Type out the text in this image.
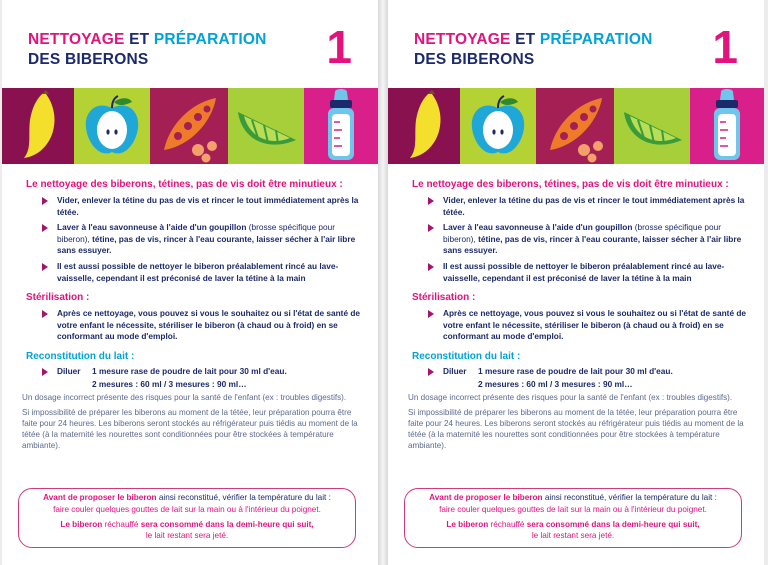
NETTOYAGE ET PRÉPARATION
DES BIBERONS	1
Le nettoyage des biberons, tétines, pas de vis doit être minutieux :
Vider, enlever la tétine du pas de vis et rincer le tout immédiatement après la tétée.
Laver à l'eau savonneuse à l'aide d'un goupillon (brosse spécifique pour biberon), tétine, pas de vis, rincer à l'eau courante, laisser sécher à l'air libre sans essuyer.
Il est aussi possible de nettoyer le biberon préalablement rincé au lave-vaisselle, cependant il est préconisé de laver la tétine à la main
Stérilisation :
Après ce nettoyage, vous pouvez si vous le souhaitez ou si l'état de santé de votre enfant le nécessite, stériliser le biberon (à chaud ou à froid) en se conformant au mode d'emploi.
Reconstitution du lait :
Diluer     1 mesure rase de poudre de lait pour 30 ml d'eau.
2 mesures : 60 ml / 3 mesures : 90 ml…
Un dosage incorrect présente des risques pour la santé de l'enfant (ex : troubles digestifs).
Si impossibilité de préparer les biberons au moment de la tétée, leur préparation pourra être faite pour 24 heures. Les biberons seront stockés au réfrigérateur puis tiédis au moment de la tétée (à la maternité les nourettes sont conditionnées pour être stockées à température ambiante).
Avant de proposer le biberon ainsi reconstitué, vérifier la température du lait :
faire couler quelques gouttes de lait sur la main ou à l'intérieur du poignet.
Le biberon réchauffé sera consommé dans la demi-heure qui suit,
le lait restant sera jeté.
NETTOYAGE ET PRÉPARATION
DES BIBERONS	1
Le nettoyage des biberons, tétines, pas de vis doit être minutieux :
Vider, enlever la tétine du pas de vis et rincer le tout immédiatement après la tétée.
Laver à l'eau savonneuse à l'aide d'un goupillon (brosse spécifique pour biberon), tétine, pas de vis, rincer à l'eau courante, laisser sécher à l'air libre sans essuyer.
Il est aussi possible de nettoyer le biberon préalablement rincé au lave-vaisselle, cependant il est préconisé de laver la tétine à la main
Stérilisation :
Après ce nettoyage, vous pouvez si vous le souhaitez ou si l'état de santé de votre enfant le nécessite, stériliser le biberon (à chaud ou à froid) en se conformant au mode d'emploi.
Reconstitution du lait :
Diluer     1 mesure rase de poudre de lait pour 30 ml d'eau.
2 mesures : 60 ml / 3 mesures : 90 ml…
Un dosage incorrect présente des risques pour la santé de l'enfant (ex : troubles digestifs).
Si impossibilité de préparer les biberons au moment de la tétée, leur préparation pourra être faite pour 24 heures. Les biberons seront stockés au réfrigérateur puis tiédis au moment de la tétée (à la maternité les nourettes sont conditionnées pour être stockées à température ambiante).
Avant de proposer le biberon ainsi reconstitué, vérifier la température du lait :
faire couler quelques gouttes de lait sur la main ou à l'intérieur du poignet.
Le biberon réchauffé sera consommé dans la demi-heure qui suit,
le lait restant sera jeté.
